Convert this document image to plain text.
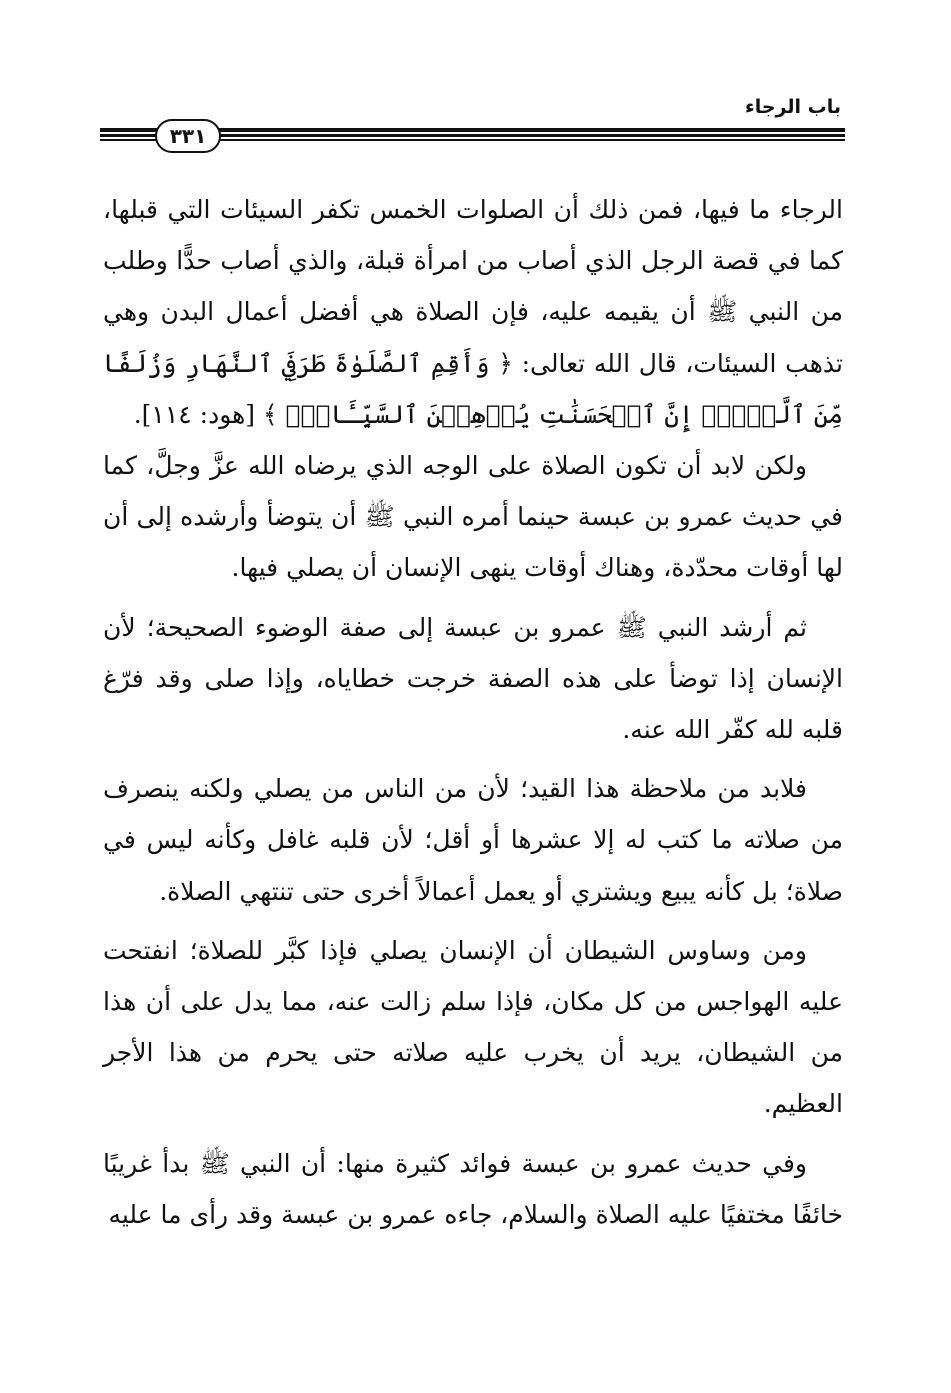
باب الرجاء
٣٣١

الرجاء ما فيها، فمن ذلك أن الصلوات الخمس تكفر السيئات التي قبلها، كما في قصة الرجل الذي أصاب من امرأة قبلة، والذي أصاب حدًّا وطلب من النبي ﷺ أن يقيمه عليه، فإن الصلاة هي أفضل أعمال البدن وهي تذهب السيئات، قال الله تعالى: ﴿ وَأَقِمِ ٱلصَّلَوٰةَ طَرَفَيِ ٱلنَّهَارِ وَزُلَفًا مِّنَ ٱلَّيۡلِۚ إِنَّ ٱلۡحَسَنَٰتِ يُذۡهِبۡنَ ٱلسَّيِّـَٔاتِۚ ﴾ [هود: ١١٤].

ولكن لابد أن تكون الصلاة على الوجه الذي يرضاه الله عزَّ وجلَّ، كما في حديث عمرو بن عبسة حينما أمره النبي ﷺ أن يتوضأ وأرشده إلى أن لها أوقات محدّدة، وهناك أوقات ينهى الإنسان أن يصلي فيها.

ثم أرشد النبي ﷺ عمرو بن عبسة إلى صفة الوضوء الصحيحة؛ لأن الإنسان إذا توضأ على هذه الصفة خرجت خطاياه، وإذا صلى وقد فرّغ قلبه لله كفّر الله عنه.

فلابد من ملاحظة هذا القيد؛ لأن من الناس من يصلي ولكنه ينصرف من صلاته ما كتب له إلا عشرها أو أقل؛ لأن قلبه غافل وكأنه ليس في صلاة؛ بل كأنه يبيع ويشتري أو يعمل أعمالاً أخرى حتى تنتهي الصلاة.

ومن وساوس الشيطان أن الإنسان يصلي فإذا كبَّر للصلاة؛ انفتحت عليه الهواجس من كل مكان، فإذا سلم زالت عنه، مما يدل على أن هذا من الشيطان، يريد أن يخرب عليه صلاته حتى يحرم من هذا الأجر العظيم.

وفي حديث عمرو بن عبسة فوائد كثيرة منها: أن النبي ﷺ بدأ غريبًا خائفًا مختفيًا عليه الصلاة والسلام، جاءه عمرو بن عبسة وقد رأى ما عليه
